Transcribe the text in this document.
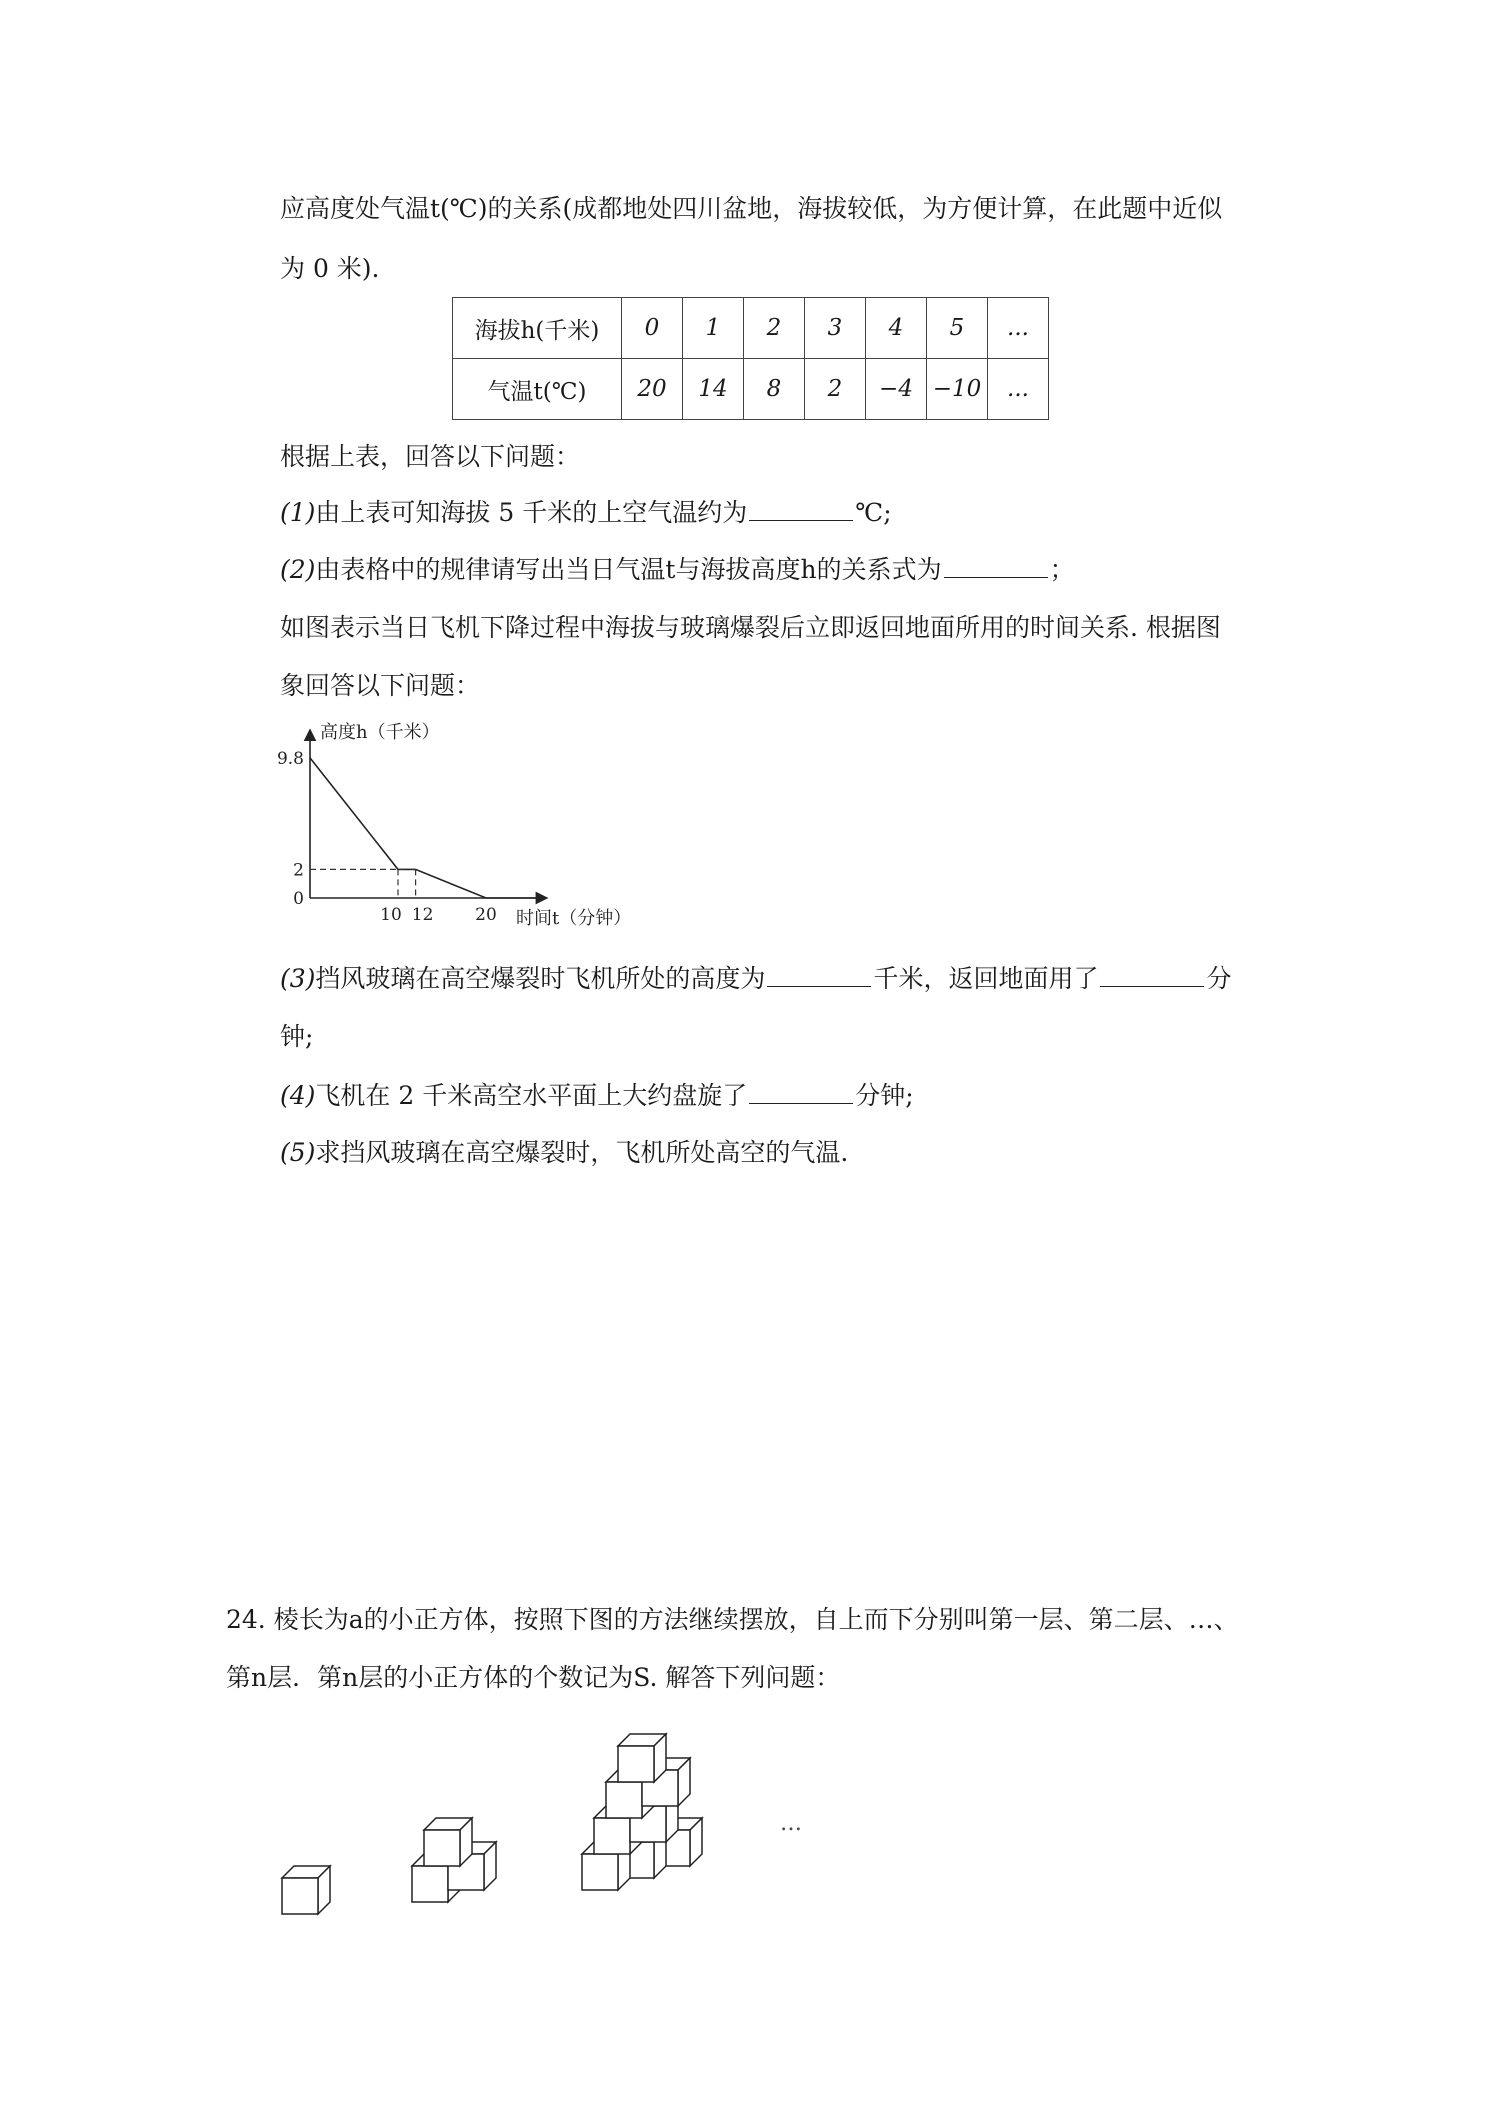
应高度处气温t(℃)的关系(成都地处四川盆地，海拔较低，为方便计算，在此题中近似
为 0 米).
海拔h(千米)	0	1	2	3	4	5	...
气温t(℃)	20	14	8	2	−4	−10	...
根据上表，回答以下问题：
(1)由上表可知海拔 5 千米的上空气温约为	℃;
(2)由表格中的规律请写出当日气温t与海拔高度h的关系式为	；
如图表示当日飞机下降过程中海拔与玻璃爆裂后立即返回地面所用的时间关系. 根据图
象回答以下问题：
9.8
2
0
10 12 20
高度h（千米）
时间t（分钟）
(3)挡风玻璃在高空爆裂时飞机所处的高度为	千米，返回地面用了	分
钟;
(4)飞机在 2 千米高空水平面上大约盘旋了	分钟;
(5)求挡风玻璃在高空爆裂时，飞机所处高空的气温.
24. 棱长为a的小正方体，按照下图的方法继续摆放，自上而下分别叫第一层、第二层、…、
第n层．第n层的小正方体的个数记为S. 解答下列问题：
…
